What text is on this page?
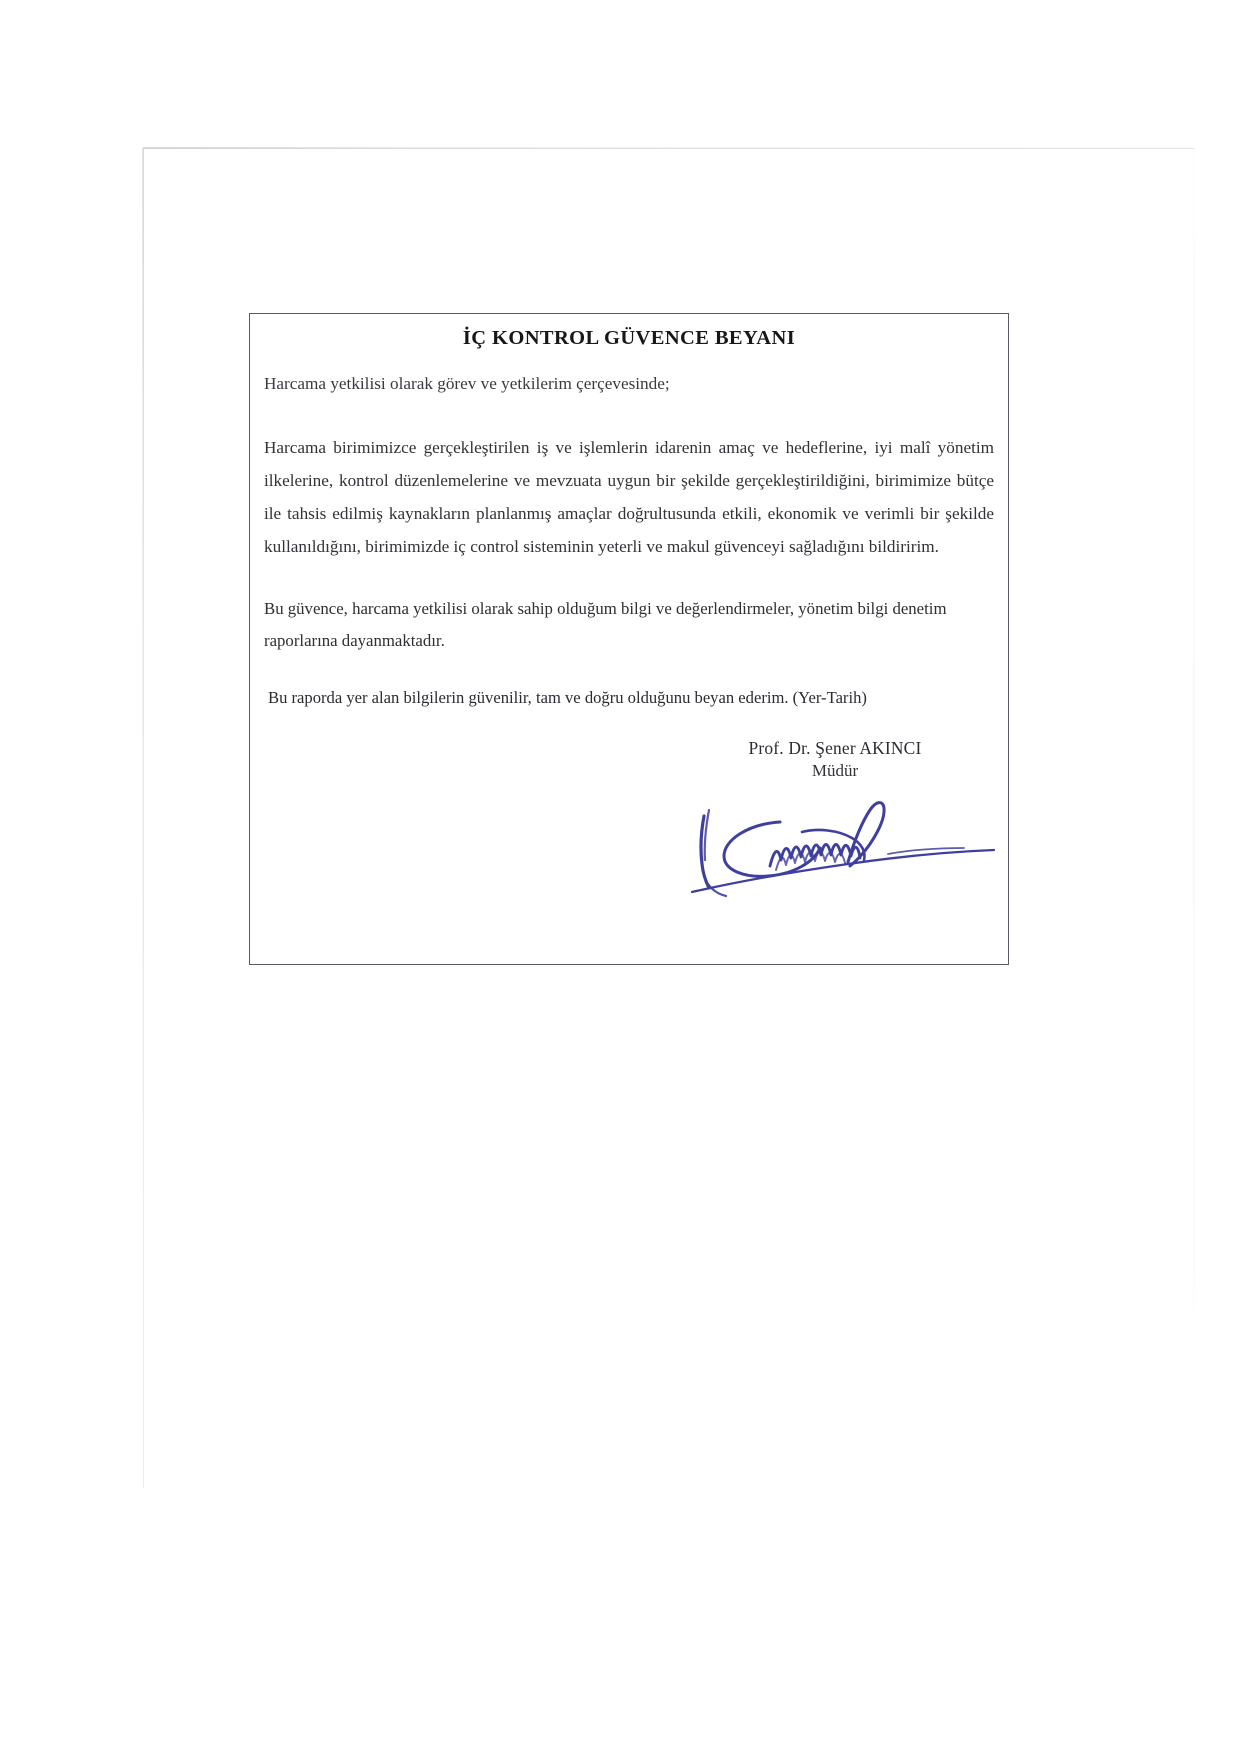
İÇ KONTROL GÜVENCE BEYANI

Harcama yetkilisi olarak görev ve yetkilerim çerçevesinde;

Harcama birimimizce gerçekleştirilen iş ve işlemlerin idarenin amaç ve hedeflerine, iyi malî yönetim ilkelerine, kontrol düzenlemelerine ve mevzuata uygun bir şekilde gerçekleştirildiğini, birimimize bütçe ile tahsis edilmiş kaynakların planlanmış amaçlar doğrultusunda etkili, ekonomik ve verimli bir şekilde kullanıldığını, birimimizde iç control sisteminin yeterli ve makul güvenceyi sağladığını bildiririm.

Bu güvence, harcama yetkilisi olarak sahip olduğum bilgi ve değerlendirmeler, yönetim bilgi denetim raporlarına dayanmaktadır.

Bu raporda yer alan bilgilerin güvenilir, tam ve doğru olduğunu beyan ederim. (Yer-Tarih)

Prof. Dr. Şener AKINCI
Müdür
